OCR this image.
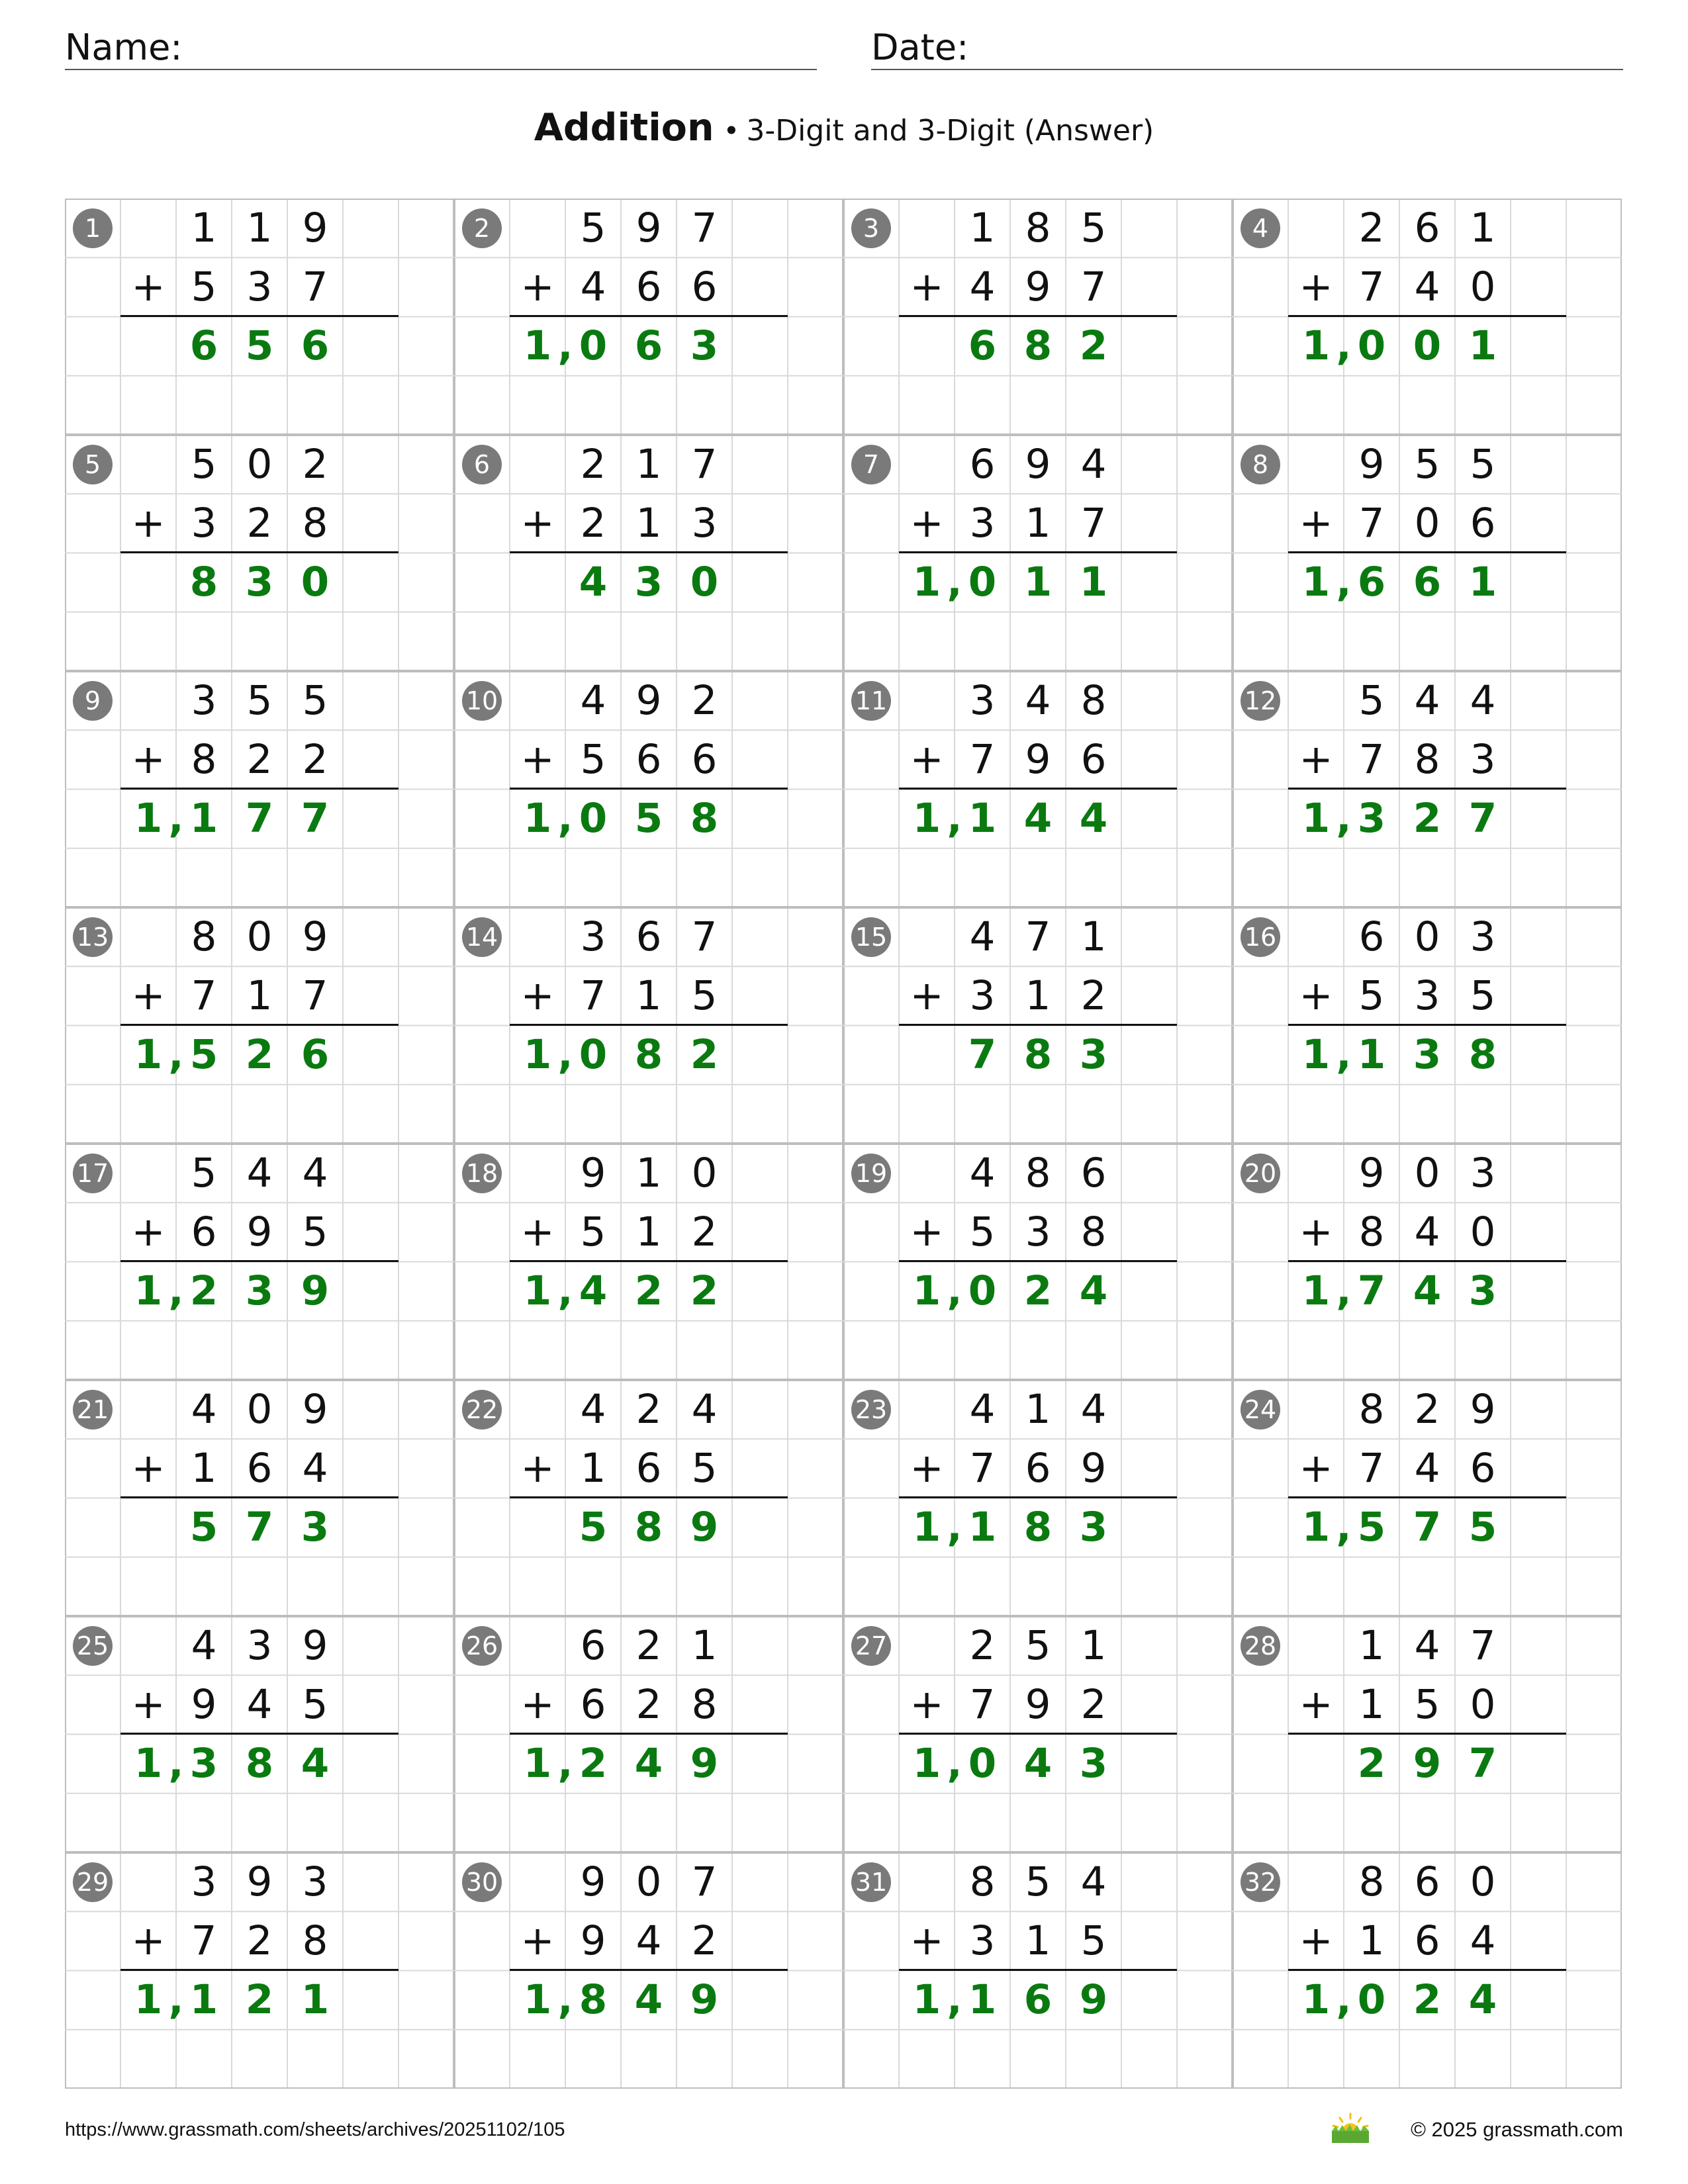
Name:	Date:
Addition • 3-Digit and 3-Digit (Answer)
1	1 1 9
+ 5 3 7
6 5 6
2	5 9 7
+ 4 6 6
1 0 6 3
,
3	1 8 5
+ 4 9 7
6 8 2
4	2 6 1
+ 7 4 0
1 0 0 1
,
5	5 0 2
+ 3 2 8
8 3 0
6	2 1 7
+ 2 1 3
4 3 0
7	6 9 4
+ 3 1 7
1 0 1 1
,
8	9 5 5
+ 7 0 6
1 6 6 1
,
9	3 5 5
+ 8 2 2
1 1 7 7
,
10	4 9 2
+ 5 6 6
1 0 5 8
,
11	3 4 8
+ 7 9 6
1 1 4 4
,
12	5 4 4
+ 7 8 3
1 3 2 7
,
13	8 0 9
+ 7 1 7
1 5 2 6
,
14	3 6 7
+ 7 1 5
1 0 8 2
,
15	4 7 1
+ 3 1 2
7 8 3
16	6 0 3
+ 5 3 5
1 1 3 8
,
17	5 4 4
+ 6 9 5
1 2 3 9
,
18	9 1 0
+ 5 1 2
1 4 2 2
,
19	4 8 6
+ 5 3 8
1 0 2 4
,
20	9 0 3
+ 8 4 0
1 7 4 3
,
21	4 0 9
+ 1 6 4
5 7 3
22	4 2 4
+ 1 6 5
5 8 9
23	4 1 4
+ 7 6 9
1 1 8 3
,
24	8 2 9
+ 7 4 6
1 5 7 5
,
25	4 3 9
+ 9 4 5
1 3 8 4
,
26	6 2 1
+ 6 2 8
1 2 4 9
,
27	2 5 1
+ 7 9 2
1 0 4 3
,
28	1 4 7
+ 1 5 0
2 9 7
29	3 9 3
+ 7 2 8
1 1 2 1
,
30	9 0 7
+ 9 4 2
1 8 4 9
,
31	8 5 4
+ 3 1 5
1 1 6 9
,
32	8 6 0
+ 1 6 4
1 0 2 4
,
https://www.grassmath.com/sheets/archives/20251102/105	© 2025 grassmath.com
